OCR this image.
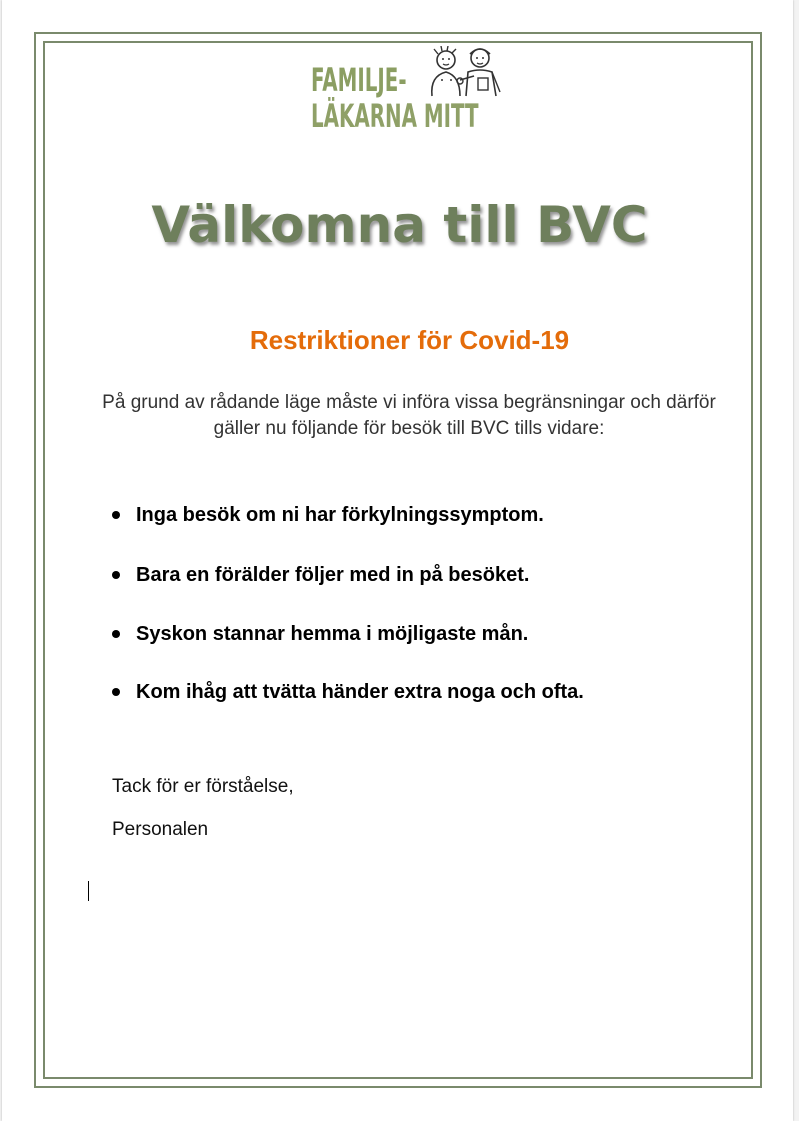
FAMILJE-
LÄKARNA MITT
Välkomna till BVC
Restriktioner för Covid-19
På grund av rådande läge måste vi införa vissa begränsningar och därför gäller nu följande för besök till BVC tills vidare:
Inga besök om ni har förkylningssymptom.
Bara en förälder följer med in på besöket.
Syskon stannar hemma i möjligaste mån.
Kom ihåg att tvätta händer extra noga och ofta.
Tack för er förståelse,
Personalen
